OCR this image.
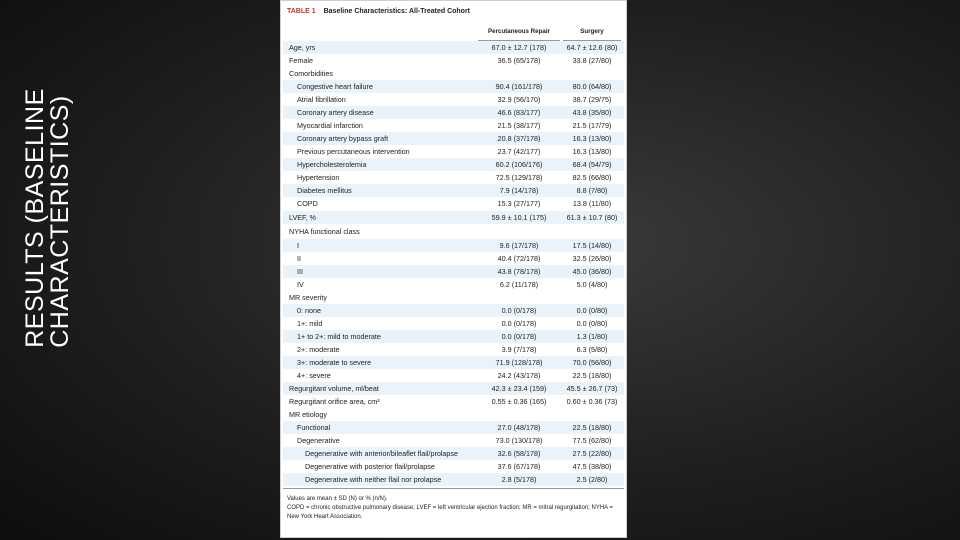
RESULTS (BASELINE
CHARACTERISTICS)
TABLE 1 Baseline Characteristics: All-Treated Cohort
Percutaneous Repair	Surgery
Age, yrs	67.0 ± 12.7 (178)	64.7 ± 12.6 (80)
Female	36.5 (65/178)	33.8 (27/80)
Comorbidities
Congestive heart failure	90.4 (161/178)	80.0 (64/80)
Atrial fibrillation	32.9 (56/170)	38.7 (29/75)
Coronary artery disease	46.6 (83/177)	43.8 (35/80)
Myocardial infarction	21.5 (38/177)	21.5 (17/79)
Coronary artery bypass graft	20.8 (37/178)	16.3 (13/80)
Previous percutaneous intervention	23.7 (42/177)	16.3 (13/80)
Hypercholesterolemia	60.2 (106/176)	68.4 (54/79)
Hypertension	72.5 (129/178)	82.5 (66/80)
Diabetes mellitus	7.9 (14/178)	8.8 (7/80)
COPD	15.3 (27/177)	13.8 (11/80)
LVEF, %	59.9 ± 10.1 (175)	61.3 ± 10.7 (80)
NYHA functional class
I	9.6 (17/178)	17.5 (14/80)
II	40.4 (72/178)	32.5 (26/80)
III	43.8 (78/178)	45.0 (36/80)
IV	6.2 (11/178)	5.0 (4/80)
MR severity
0: none	0.0 (0/178)	0.0 (0/80)
1+: mild	0.0 (0/178)	0.0 (0/80)
1+ to 2+: mild to moderate	0.0 (0/178)	1.3 (1/80)
2+: moderate	3.9 (7/178)	6.3 (5/80)
3+: moderate to severe	71.9 (128/178)	70.0 (56/80)
4+: severe	24.2 (43/178)	22.5 (18/80)
Regurgitant volume, ml/beat	42.3 ± 23.4 (159)	45.5 ± 26.7 (73)
Regurgitant orifice area, cm²	0.55 ± 0.36 (165)	0.60 ± 0.36 (73)
MR etiology
Functional	27.0 (48/178)	22.5 (18/80)
Degenerative	73.0 (130/178)	77.5 (62/80)
Degenerative with anterior/bileaflet flail/prolapse	32.6 (58/178)	27.5 (22/80)
Degenerative with posterior flail/prolapse	37.6 (67/178)	47.5 (38/80)
Degenerative with neither flail nor prolapse	2.8 (5/178)	2.5 (2/80)

Values are mean ± SD (N) or % (n/N).

COPD = chronic obstructive pulmonary disease; LVEF = left ventricular ejection fraction; MR = mitral regurgitation; NYHA = New York Heart Association.
